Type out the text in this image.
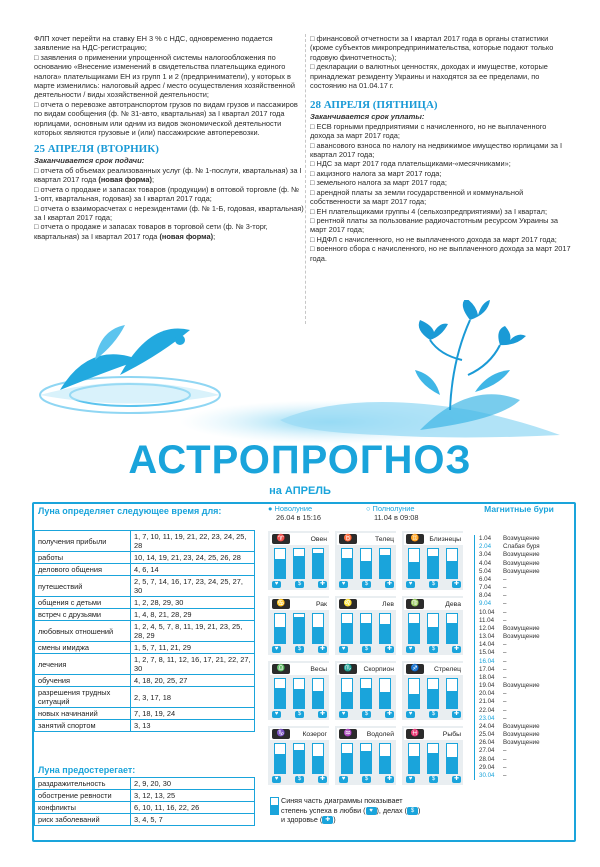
ФЛП хочет перейти на ставку ЕН 3 % с НДС, одновременно подается заявление на НДС-регистрацию;

□ заявления о применении упрощенной системы налогообложения по основанию «Внесение изменений в свидетельства плательщика единого налога» плательщиками ЕН из групп 1 и 2 (предприниматели), у которых в марте изменились: налоговый адрес / место осуществления хозяйственной деятельности / виды хозяйственной деятельности;

□ отчета о перевозке автотранспортом грузов по видам грузов и пассажиров по видам сообщения (ф. № 31-авто, квартальная) за I квартал 2017 года юрлицами, основным или одним из видов экономической деятельности которых являются грузовые и (или) пассажирские автоперевозки.

25 АПРЕЛЯ (ВТОРНИК)
Заканчивается срок подачи:

□ отчета об объемах реализованных услуг (ф. № 1-послуги, квартальная) за I квартал 2017 года (новая форма);

□ отчета о продаже и запасах товаров (продукции) в оптовой торговле (ф. № 1-опт, квартальная, годовая) за I квартал 2017 года;

□ отчета о взаиморасчетах с нерезидентами (ф. № 1-Б, годовая, квартальная) за I квартал 2017 года;

□ отчета о продаже и запасах товаров в торговой сети (ф. № 3-торг, квартальная) за I квартал 2017 года (новая форма);

□ финансовой отчетности за I квартал 2017 года в органы статистики (кроме субъектов микропредпринимательства, которые подают только годовую финотчетность);

□ декларации о валютных ценностях, доходах и имуществе, которые принадлежат резиденту Украины и находятся за ее пределами, по состоянию на 01.04.17 г.

28 АПРЕЛЯ (ПЯТНИЦА)
Заканчивается срок уплаты:

□ ЕСВ горными предприятиями с начисленного, но не выплаченного дохода за март 2017 года;

□ авансового взноса по налогу на недвижимое имущество юрлицами за I квартал 2017 года;

□ НДС за март 2017 года плательщиками-«месячниками»;

□ акцизного налога за март 2017 года;

□ земельного налога за март 2017 года;

□ арендной платы за земли государственной и коммунальной собственности за март 2017 года;

□ ЕН плательщиками группы 4 (сельхозпредприятиями) за I квартал;

□ рентной платы за пользование радиочастотным ресурсом Украины за март 2017 года;

□ НДФЛ с начисленного, но не выплаченного дохода за март 2017 года;

□ военного сбора с начисленного, но не выплаченного дохода за март 2017 года.

АСТРОПРОГНОЗ
на АПРЕЛЬ
Луна определяет следующее время для:
получения прибыли	1, 7, 10, 11, 19, 21, 22, 23, 24, 25, 28
работы	10, 14, 19, 21, 23, 24, 25, 26, 28
делового общения	4, 6, 14
путешествий	2, 5, 7, 14, 16, 17, 23, 24, 25, 27, 30
общения с детьми	1, 2, 28, 29, 30
встреч с друзьями	1, 4, 8, 21, 28, 29
любовных отношений	1, 2, 4, 5, 7, 8, 11, 19, 21, 23, 25, 28, 29
смены имиджа	1, 5, 7, 11, 21, 29
лечения	1, 2, 7, 8, 11, 12, 16, 17, 21, 22, 27, 30
обучения	4, 18, 20, 25, 27
разрешения трудных ситуаций	2, 3, 17, 18
новых начинаний	7, 18, 19, 24
занятий спортом	3, 13
Луна предостерегает:
раздражительность	2, 9, 20, 30
обострение ревности	3, 12, 13, 25
конфликты	6, 10, 11, 16, 22, 26
риск заболеваний	3, 4, 5, 7
● Новолуние
26.04 в 15:16
○ Полнолуние
11.04 в 09:08
♈	Овен
♥	$	✚
♉	Телец
♥	$	✚
♊	Близнецы
♥	$	✚
♋	Рак
♥	$	✚
♌	Лев
♥	$	✚
♍	Дева
♥	$	✚
♎	Весы
♥	$	✚
♏	Скорпион
♥	$	✚
♐	Стрелец
♥	$	✚
♑	Козерог
♥	$	✚
♒	Водолей
♥	$	✚
♓	Рыбы
♥	$	✚
Синяя часть диаграммы показывает
степень успеха в любви ( ♥ ), делах ( $ )
и здоровье ( ✚ )
Магнитные бури
1.04	Возмущение
2.04	Слабая буря
3.04	Возмущение
4.04	Возмущение
5.04	Возмущение
6.04	–
7.04	–
8.04	–
9.04	–
10.04	–
11.04	–
12.04	Возмущение
13.04	Возмущение
14.04	–
15.04	–
16.04	–
17.04	–
18.04	–
19.04	Возмущение
20.04	–
21.04	–
22.04	–
23.04	–
24.04	Возмущение
25.04	Возмущение
26.04	Возмущение
27.04	–
28.04	–
29.04	–
30.04	–
